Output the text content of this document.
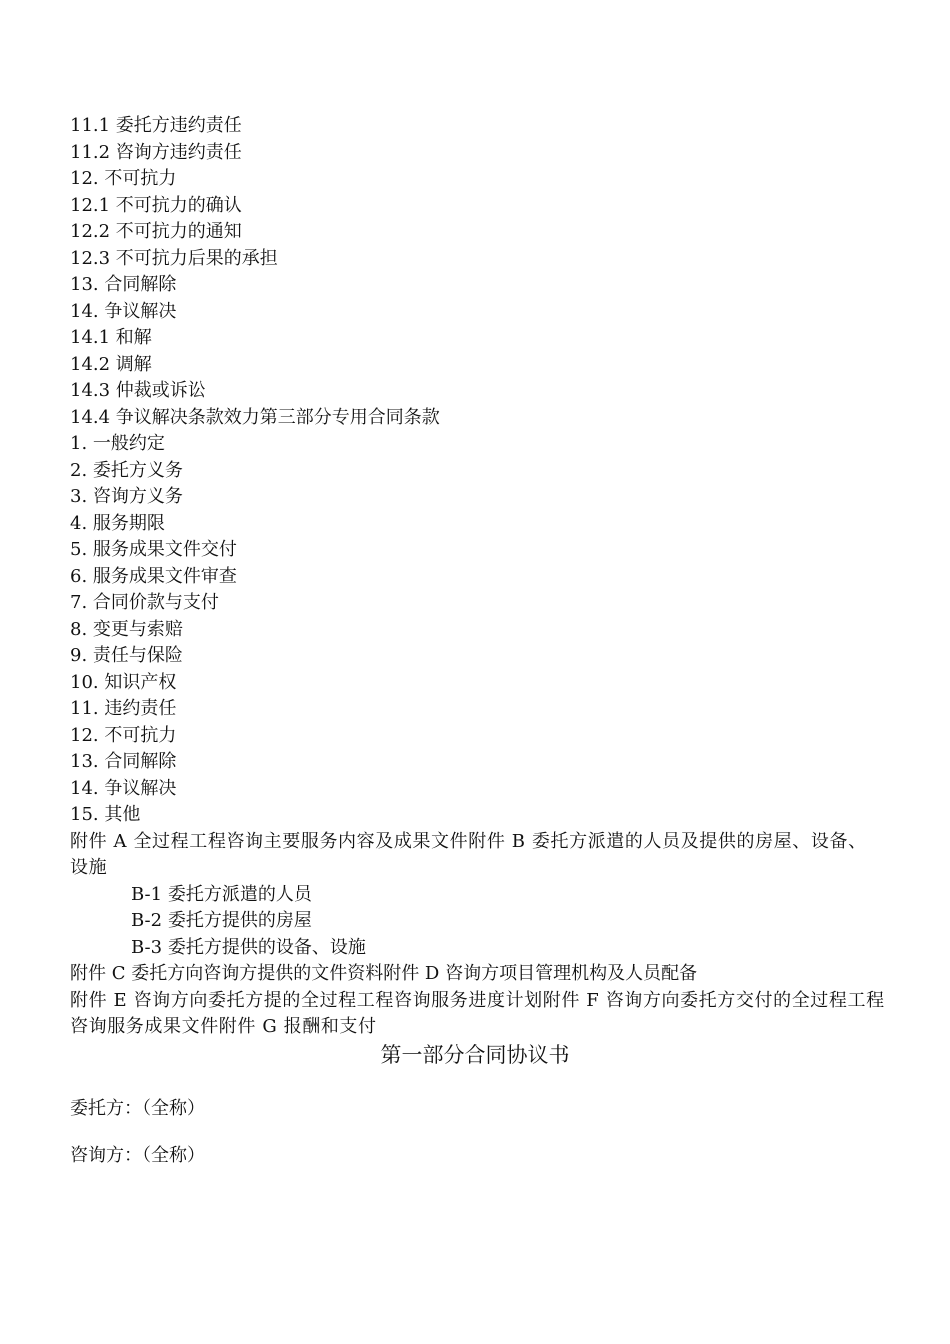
11.1 委托方违约责任
11.2 咨询方违约责任
12. 不可抗力
12.1 不可抗力的确认
12.2 不可抗力的通知
12.3 不可抗力后果的承担
13. 合同解除
14. 争议解决
14.1 和解
14.2 调解
14.3 仲裁或诉讼
14.4 争议解决条款效力第三部分专用合同条款
1. 一般约定
2. 委托方义务
3. 咨询方义务
4. 服务期限
5. 服务成果文件交付
6. 服务成果文件审查
7. 合同价款与支付
8. 变更与索赔
9. 责任与保险
10. 知识产权
11. 违约责任
12. 不可抗力
13. 合同解除
14. 争议解决
15. 其他
附件 A 全过程工程咨询主要服务内容及成果文件附件 B 委托方派遣的人员及提供的房屋、设备、设施
B-1 委托方派遣的人员
B-2 委托方提供的房屋
B-3 委托方提供的设备、设施
附件 C 委托方向咨询方提供的文件资料附件 D 咨询方项目管理机构及人员配备
附件 E 咨询方向委托方提的全过程工程咨询服务进度计划附件 F 咨询方向委托方交付的全过程工程咨询服务成果文件附件 G 报酬和支付
第一部分合同协议书
委托方：（全称）
咨询方：（全称）
